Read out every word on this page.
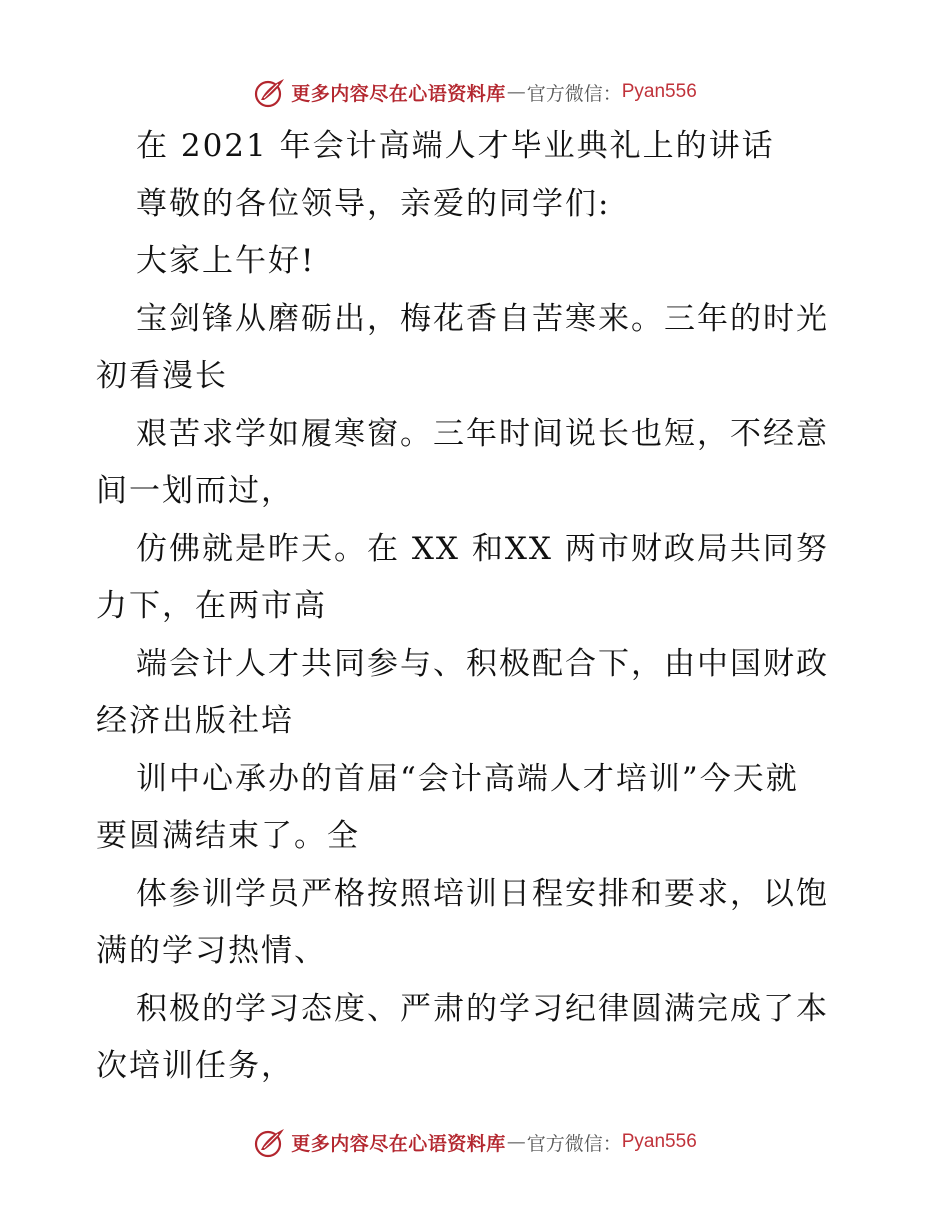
更多内容尽在心语资料库 — 官方微信： Pyan556
在 2021 年会计高端人才毕业典礼上的讲话
尊敬的各位领导，亲爱的同学们:
大家上午好!
宝剑锋从磨砺出，梅花香自苦寒来。三年的时光
初看漫长
艰苦求学如履寒窗。三年时间说长也短，不经意
间一划而过，
仿佛就是昨天。在 XX 和XX 两市财政局共同努
力下，在两市高
端会计人才共同参与、积极配合下，由中国财政
经济出版社培
训中心承办的首届“会计高端人才培训”今天就
要圆满结束了。全
体参训学员严格按照培训日程安排和要求，以饱
满的学习热情、
积极的学习态度、严肃的学习纪律圆满完成了本
次培训任务，
更多内容尽在心语资料库 — 官方微信： Pyan556
